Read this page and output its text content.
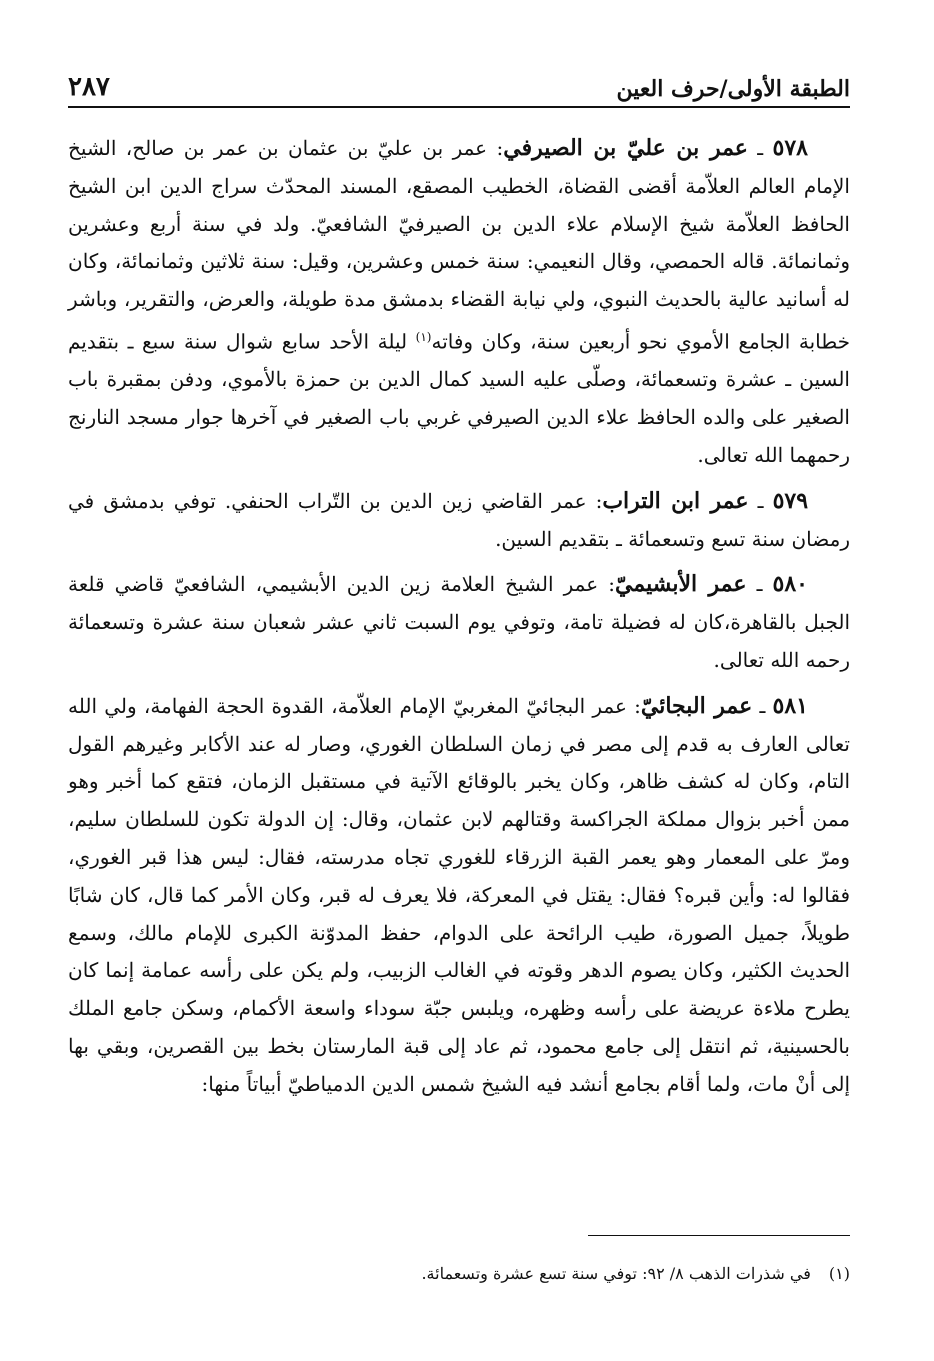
الطبقة الأولى/حرف العين
٢٨٧

٥٧٨ ـ عمر بن عليّ بن الصيرفي: عمر بن عليّ بن عثمان بن عمر بن صالح، الشيخ الإمام العالم العلاّمة أقضى القضاة، الخطيب المصقع، المسند المحدّث سراج الدين ابن الشيخ الحافظ العلاّمة شيخ الإسلام علاء الدين بن الصيرفيّ الشافعيّ. ولد في سنة أربع وعشرين وثمانمائة. قاله الحمصي، وقال النعيمي: سنة خمس وعشرين، وقيل: سنة ثلاثين وثمانمائة، وكان له أسانيد عالية بالحديث النبوي، ولي نيابة القضاء بدمشق مدة طويلة، والعرض، والتقرير، وباشر خطابة الجامع الأموي نحو أربعين سنة، وكان وفاته$^{(١)}$ ليلة الأحد سابع شوال سنة سبع ـ بتقديم السين ـ عشرة وتسعمائة، وصلّى عليه السيد كمال الدين بن حمزة بالأموي، ودفن بمقبرة باب الصغير على والده الحافظ علاء الدين الصيرفي غربي باب الصغير في آخرها جوار مسجد النارنج رحمهما الله تعالى.

٥٧٩ ـ عمر ابن التراب: عمر القاضي زين الدين بن التّراب الحنفي. توفي بدمشق في رمضان سنة تسع وتسعمائة ـ بتقديم السين.

٥٨٠ ـ عمر الأبشيميّ: عمر الشيخ العلامة زين الدين الأبشيمي، الشافعيّ قاضي قلعة الجبل بالقاهرة،كان له فضيلة تامة، وتوفي يوم السبت ثاني عشر شعبان سنة عشرة وتسعمائة رحمه الله تعالى.

٥٨١ ـ عمر البجائيّ: عمر البجائيّ المغربيّ الإمام العلاّمة، القدوة الحجة الفهامة، ولي الله تعالى العارف به قدم إلى مصر في زمان السلطان الغوري، وصار له عند الأكابر وغيرهم القول التام، وكان له كشف ظاهر، وكان يخبر بالوقائع الآتية في مستقبل الزمان، فتقع كما أخبر وهو ممن أخبر بزوال مملكة الجراكسة وقتالهم لابن عثمان، وقال: إن الدولة تكون للسلطان سليم، ومرّ على المعمار وهو يعمر القبة الزرقاء للغوري تجاه مدرسته، فقال: ليس هذا قبر الغوري، فقالوا له: وأين قبره؟ فقال: يقتل في المعركة، فلا يعرف له قبر، وكان الأمر كما قال، كان شابًا طويلاً، جميل الصورة، طيب الرائحة على الدوام، حفظ المدوّنة الكبرى للإمام مالك، وسمع الحديث الكثير، وكان يصوم الدهر وقوته في الغالب الزبيب، ولم يكن على رأسه عمامة إنما كان يطرح ملاءة عريضة على رأسه وظهره، ويلبس جبّة سوداء واسعة الأكمام، وسكن جامع الملك بالحسينية، ثم انتقل إلى جامع محمود، ثم عاد إلى قبة المارستان بخط بين القصرين، وبقي بها إلى أنْ مات، ولما أقام بجامع أنشد فيه الشيخ شمس الدين الدمياطيّ أبياتاً منها:

(١)في شذرات الذهب ٨/ ٩٢: توفي سنة تسع عشرة وتسعمائة.
